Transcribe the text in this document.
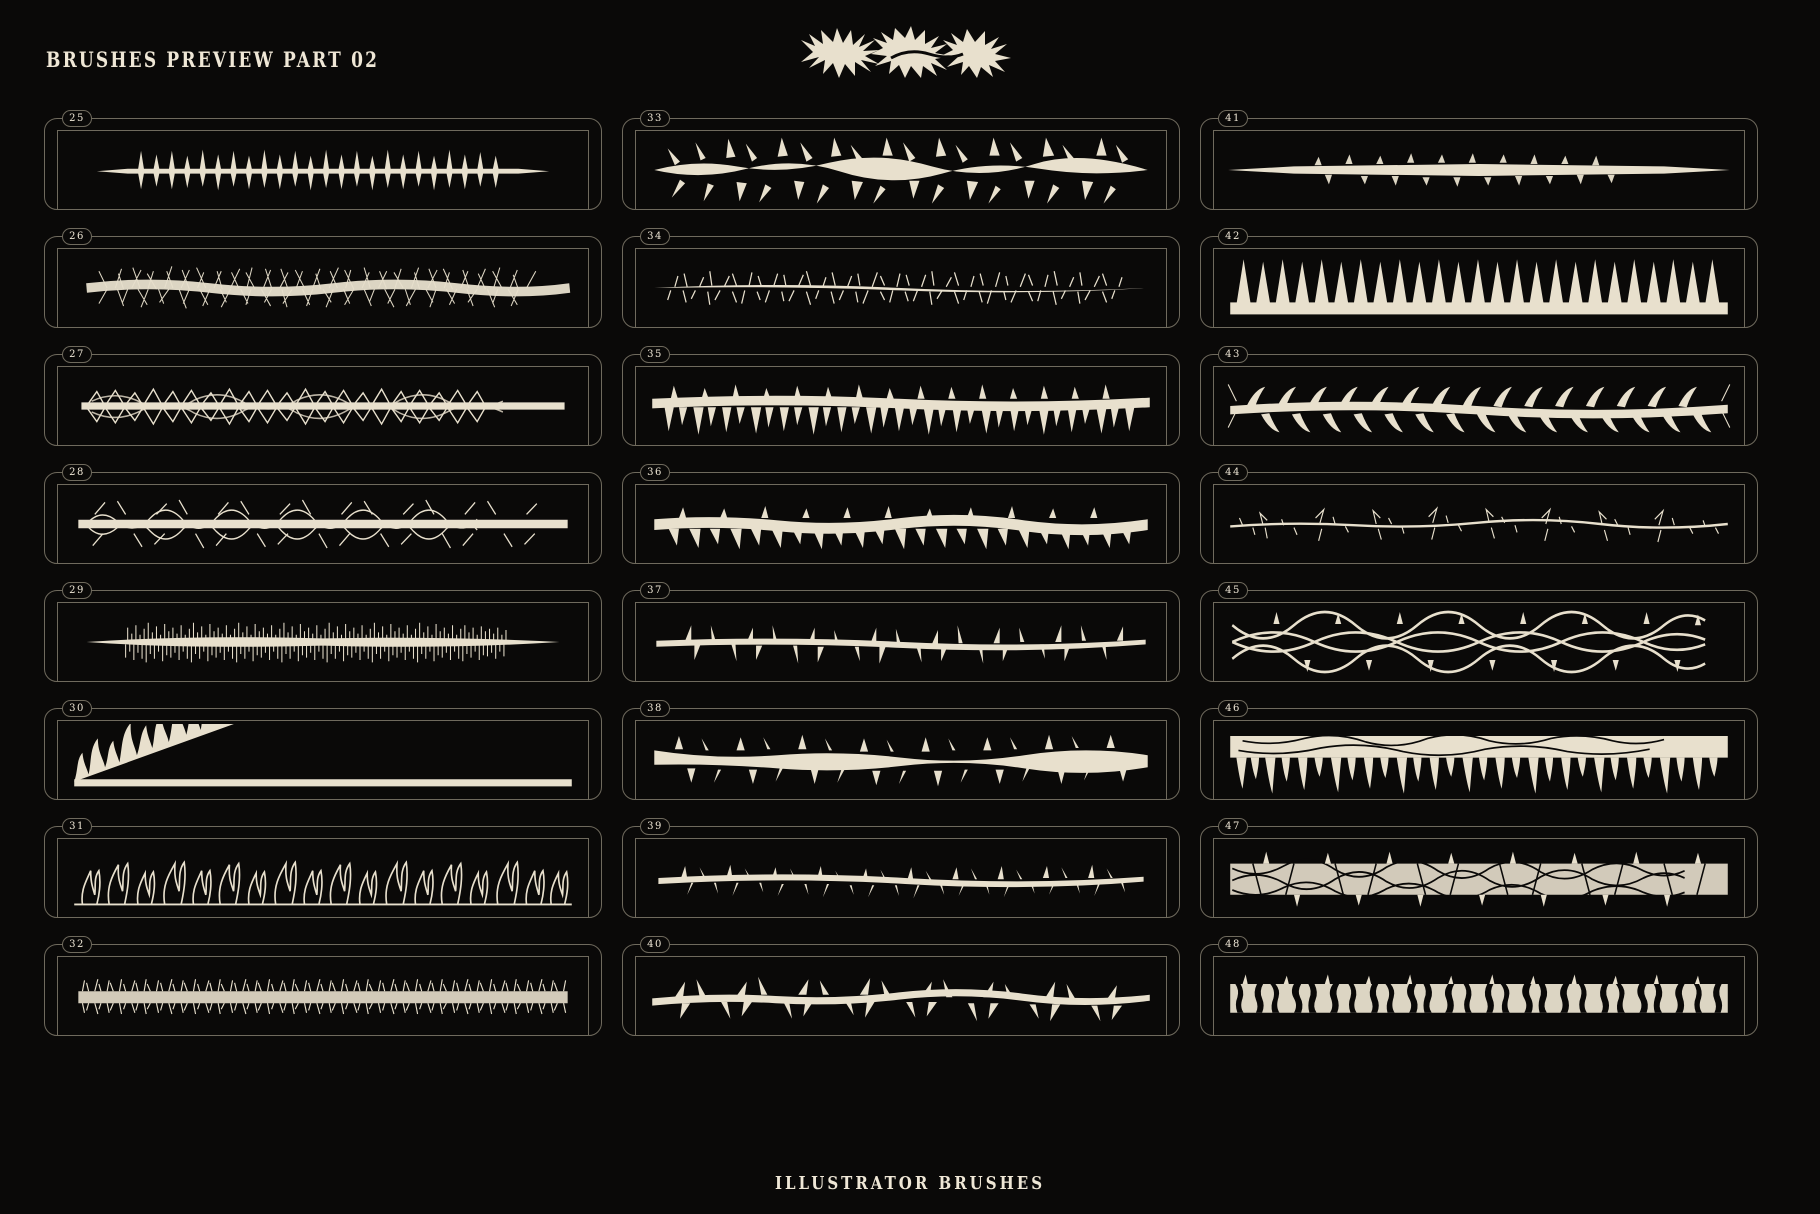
BRUSHES PREVIEW PART 02
25	33	41
26	34	42
27	35	43
28	36	44
29	37	45
30	38	46
31	39	47
32	40	48
ILLUSTRATOR BRUSHES
